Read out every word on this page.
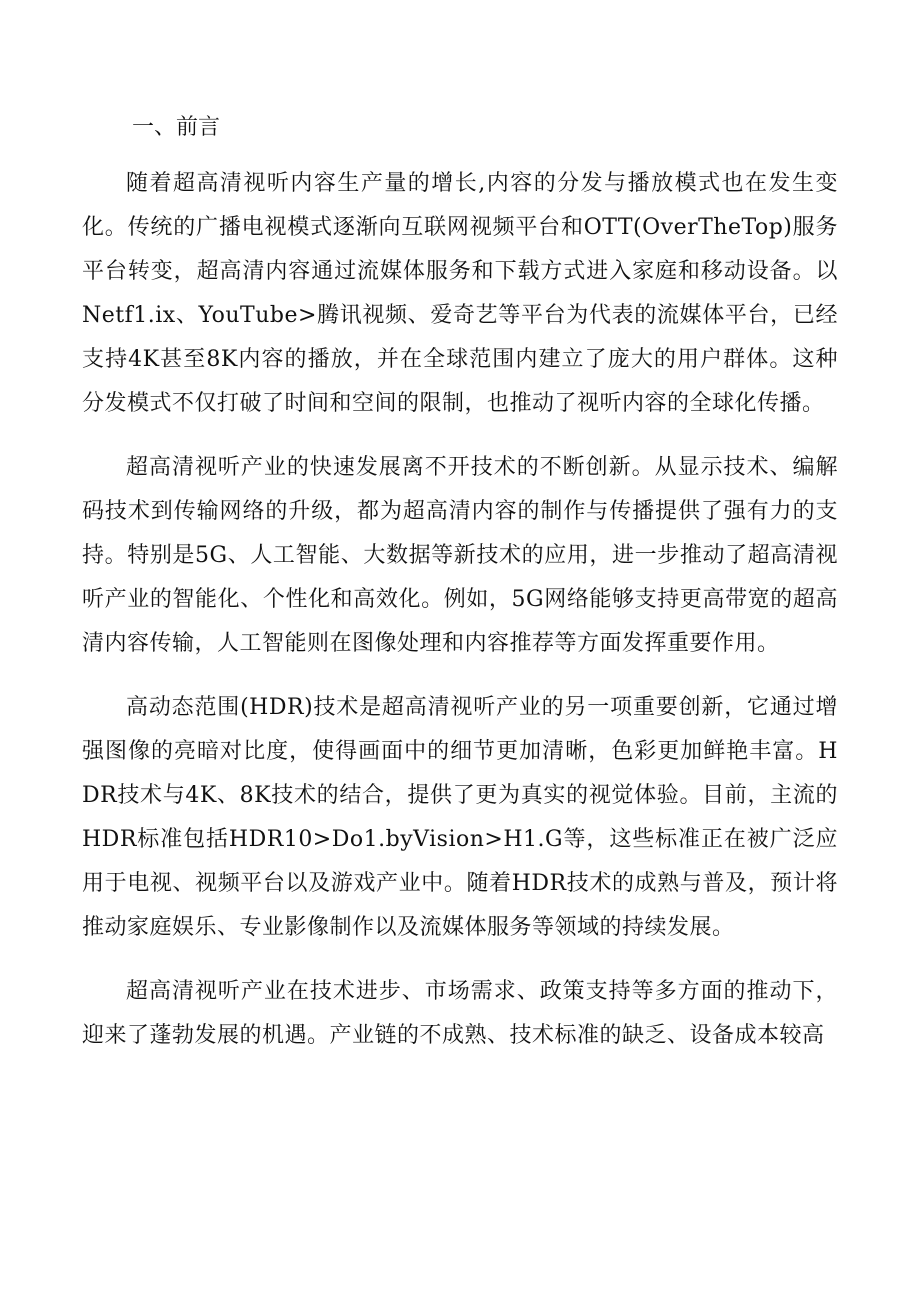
一、前言

随着超高清视听内容生产量的增长,内容的分发与播放模式也在发生变化。传统的广播电视模式逐渐向互联网视频平台和OTT(OverTheTop)服务平台转变，超高清内容通过流媒体服务和下载方式进入家庭和移动设备。以Netf1.ix、YouTube>腾讯视频、爱奇艺等平台为代表的流媒体平台，已经支持4K甚至8K内容的播放，并在全球范围内建立了庞大的用户群体。这种分发模式不仅打破了时间和空间的限制，也推动了视听内容的全球化传播。

超高清视听产业的快速发展离不开技术的不断创新。从显示技术、编解码技术到传输网络的升级，都为超高清内容的制作与传播提供了强有力的支持。特别是5G、人工智能、大数据等新技术的应用，进一步推动了超高清视听产业的智能化、个性化和高效化。例如，5G网络能够支持更高带宽的超高清内容传输，人工智能则在图像处理和内容推荐等方面发挥重要作用。

高动态范围(HDR)技术是超高清视听产业的另一项重要创新，它通过增强图像的亮暗对比度，使得画面中的细节更加清晰，色彩更加鲜艳丰富。HDR技术与4K、8K技术的结合，提供了更为真实的视觉体验。目前，主流的HDR标准包括HDR10>Do1.byVision>H1.G等，这些标准正在被广泛应用于电视、视频平台以及游戏产业中。随着HDR技术的成熟与普及，预计将推动家庭娱乐、专业影像制作以及流媒体服务等领域的持续发展。

超高清视听产业在技术进步、市场需求、政策支持等多方面的推动下，迎来了蓬勃发展的机遇。产业链的不成熟、技术标准的缺乏、设备成本较高
